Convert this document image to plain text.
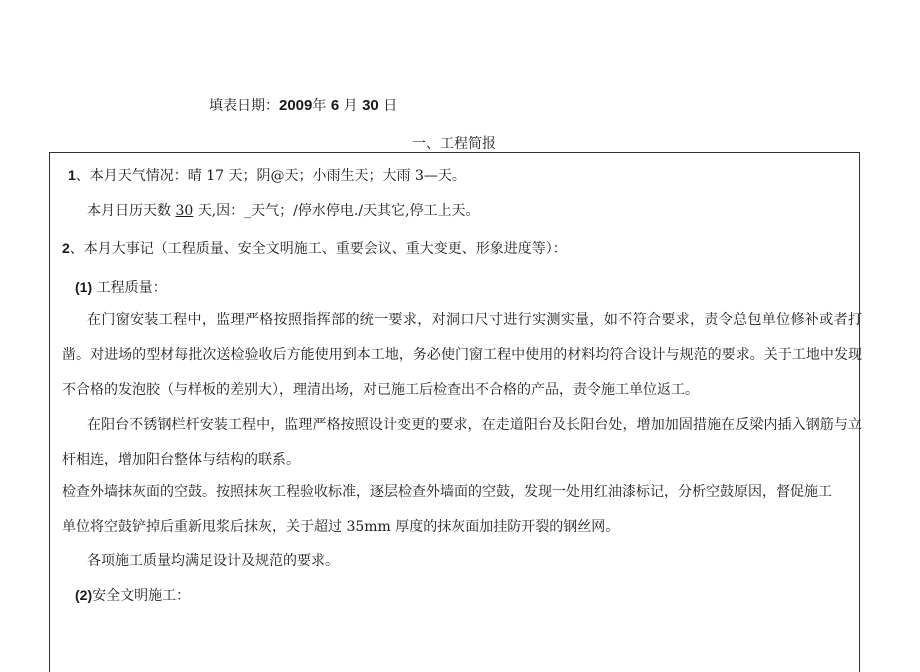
填表日期：2009年 6 月 30 日
一、工程简报
1、本月天气情况：晴 17 天；阴@天；小雨生天；大雨 3—天。
本月日历天数 30 天,因：_天气；/停水停电./天其它,停工上天。
2、本月大事记（工程质量、安全文明施工、重要会议、重大变更、形象进度等）：
(1) 工程质量：
在门窗安装工程中，监理严格按照指挥部的统一要求，对洞口尺寸进行实测实量，如不符合要求，责令总包单位修补或者打凿。对进场的型材每批次送检验收后方能使用到本工地，务必使门窗工程中使用的材料均符合设计与规范的要求。关于工地中发现不合格的发泡胶（与样板的差别大），理清出场，对已施工后检查出不合格的产品，责令施工单位返工。
在阳台不锈钢栏杆安装工程中，监理严格按照设计变更的要求，在走道阳台及长阳台处，增加加固措施在反梁内插入钢筋与立杆相连，增加阳台整体与结构的联系。
检查外墙抹灰面的空鼓。按照抹灰工程验收标准，逐层检查外墙面的空鼓，发现一处用红油漆标记，分析空鼓原因，督促施工
单位将空鼓铲掉后重新甩浆后抹灰，关于超过 35mm 厚度的抹灰面加挂防开裂的钢丝网。
各项施工质量均满足设计及规范的要求。
(2)安全文明施工：
